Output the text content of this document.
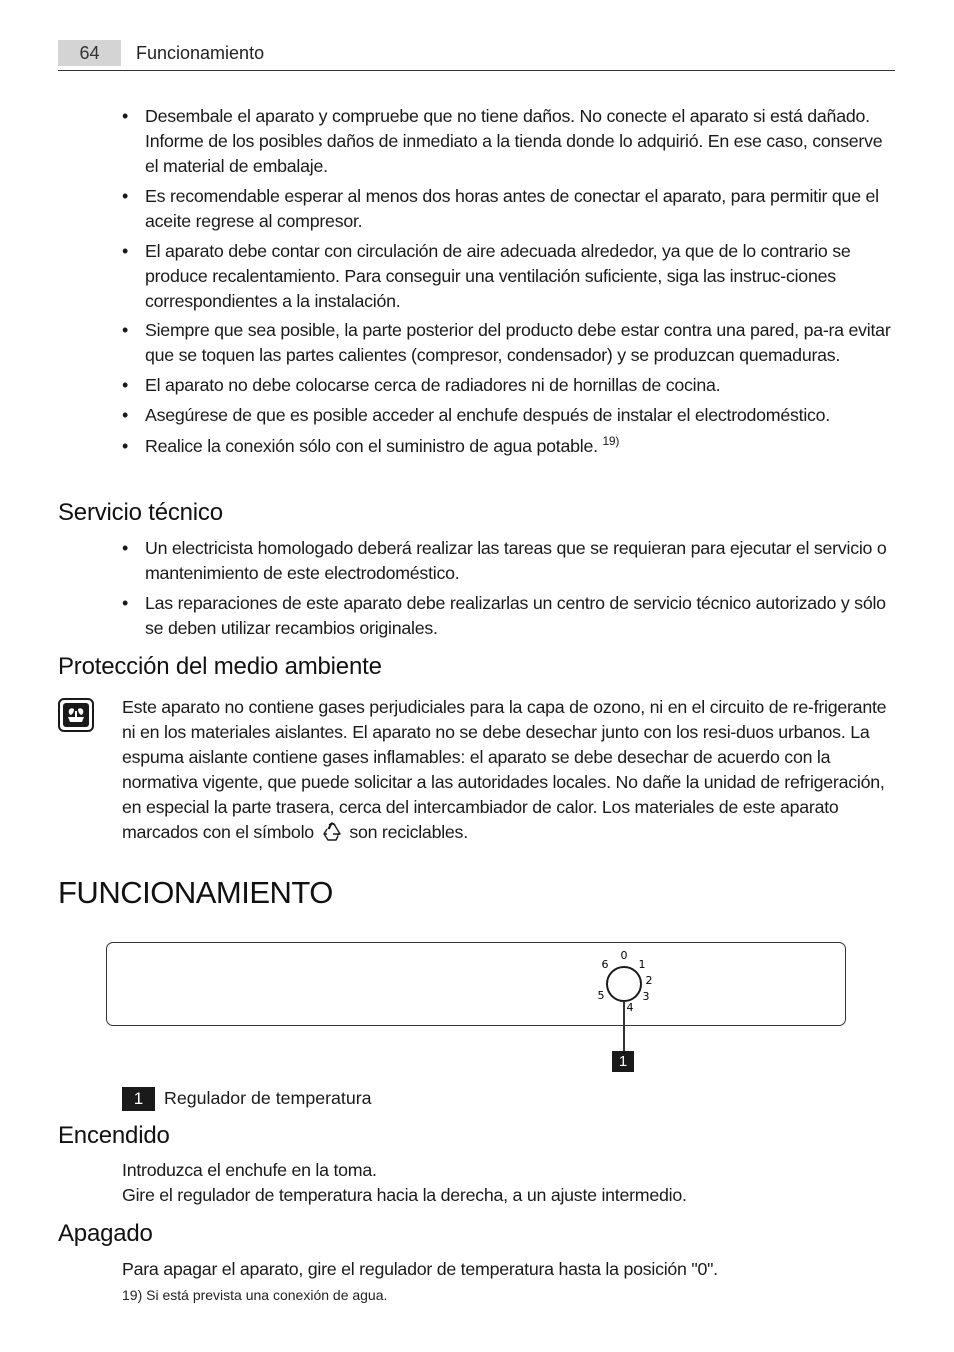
64	Funcionamiento
• Desembale el aparato y compruebe que no tiene daños. No conecte el aparato si está dañado. Informe de los posibles daños de inmediato a la tienda donde lo adquirió. En ese caso, conserve el material de embalaje.
• Es recomendable esperar al menos dos horas antes de conectar el aparato, para permitir que el aceite regrese al compresor.
• El aparato debe contar con circulación de aire adecuada alrededor, ya que de lo contrario se produce recalentamiento. Para conseguir una ventilación suficiente, siga las instruc-ciones correspondientes a la instalación.
• Siempre que sea posible, la parte posterior del producto debe estar contra una pared, pa-ra evitar que se toquen las partes calientes (compresor, condensador) y se produzcan quemaduras.
• El aparato no debe colocarse cerca de radiadores ni de hornillas de cocina.
• Asegúrese de que es posible acceder al enchufe después de instalar el electrodoméstico.
• Realice la conexión sólo con el suministro de agua potable. $^{19)}$
Servicio técnico
• Un electricista homologado deberá realizar las tareas que se requieran para ejecutar el servicio o mantenimiento de este electrodoméstico.
• Las reparaciones de este aparato debe realizarlas un centro de servicio técnico autorizado y sólo se deben utilizar recambios originales.
Protección del medio ambiente

Este aparato no contiene gases perjudiciales para la capa de ozono, ni en el circuito de re-frigerante ni en los materiales aislantes. El aparato no se debe desechar junto con los resi-duos urbanos. La espuma aislante contiene gases inflamables: el aparato se debe desechar de acuerdo con la normativa vigente, que puede solicitar a las autoridades locales. No dañe la unidad de refrigeración, en especial la parte trasera, cerca del intercambiador de calor. Los materiales de este aparato marcados con el símbolo son reciclables.

FUNCIONAMIENTO
0
1
2
3
4
5
6
1
1	Regulador de temperatura
Encendido

Introduzca el enchufe en la toma.

Gire el regulador de temperatura hacia la derecha, a un ajuste intermedio.

Apagado

Para apagar el aparato, gire el regulador de temperatura hasta la posición "0".

19) Si está prevista una conexión de agua.
